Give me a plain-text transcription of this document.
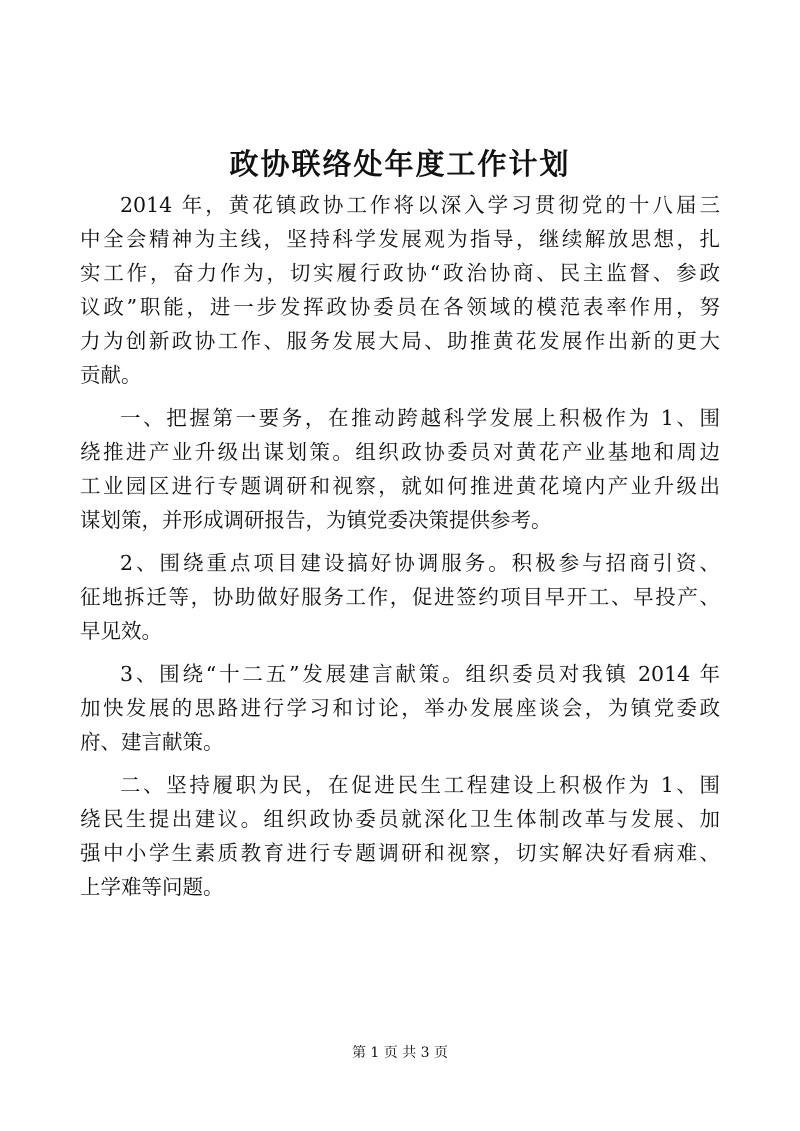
政协联络处年度工作计划
2014 年，黄花镇政协工作将以深入学习贯彻党的十八届三
中全会精神为主线，坚持科学发展观为指导，继续解放思想，扎
实工作，奋力作为，切实履行政协“政治协商、民主监督、参政
议政”职能，进一步发挥政协委员在各领域的模范表率作用，努
力为创新政协工作、服务发展大局、助推黄花发展作出新的更大
贡献。
一、把握第一要务，在推动跨越科学发展上积极作为 1、围
绕推进产业升级出谋划策。组织政协委员对黄花产业基地和周边
工业园区进行专题调研和视察，就如何推进黄花境内产业升级出
谋划策，并形成调研报告，为镇党委决策提供参考。
2、围绕重点项目建设搞好协调服务。积极参与招商引资、
征地拆迁等，协助做好服务工作，促进签约项目早开工、早投产、
早见效。
3、围绕“十二五”发展建言献策。组织委员对我镇 2014 年
加快发展的思路进行学习和讨论，举办发展座谈会，为镇党委政
府、建言献策。
二、坚持履职为民，在促进民生工程建设上积极作为 1、围
绕民生提出建议。组织政协委员就深化卫生体制改革与发展、加
强中小学生素质教育进行专题调研和视察，切实解决好看病难、
上学难等问题。
第 1 页 共 3 页
